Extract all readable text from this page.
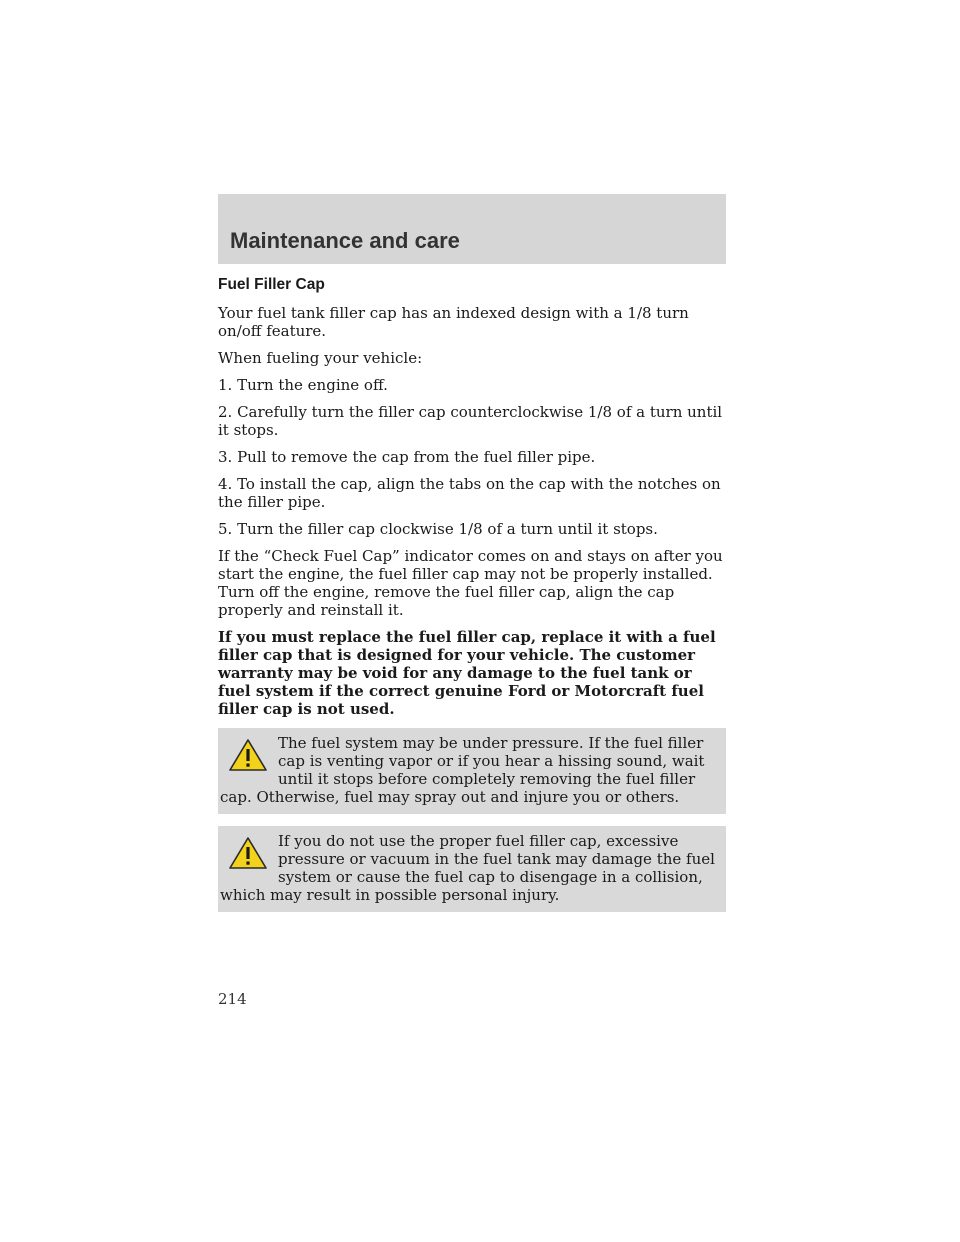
Maintenance and care
Fuel Filler Cap

Your fuel tank filler cap has an indexed design with a 1/8 turn on/off feature.

When fueling your vehicle:

1. Turn the engine off.

2. Carefully turn the filler cap counterclockwise 1/8 of a turn until it stops.

3. Pull to remove the cap from the fuel filler pipe.

4. To install the cap, align the tabs on the cap with the notches on the filler pipe.

5. Turn the filler cap clockwise 1/8 of a turn until it stops.

If the “Check Fuel Cap” indicator comes on and stays on after you start the engine, the fuel filler cap may not be properly installed. Turn off the engine, remove the fuel filler cap, align the cap properly and reinstall it.

If you must replace the fuel filler cap, replace it with a fuel filler cap that is designed for your vehicle. The customer warranty may be void for any damage to the fuel tank or fuel system if the correct genuine Ford or Motorcraft fuel filler cap is not used.

The fuel system may be under pressure. If the fuel filler cap is venting vapor or if you hear a hissing sound, wait until it stops before completely removing the fuel filler cap. Otherwise, fuel may spray out and injure you or others.

If you do not use the proper fuel filler cap, excessive pressure or vacuum in the fuel tank may damage the fuel system or cause the fuel cap to disengage in a collision, which may result in possible personal injury.

214
